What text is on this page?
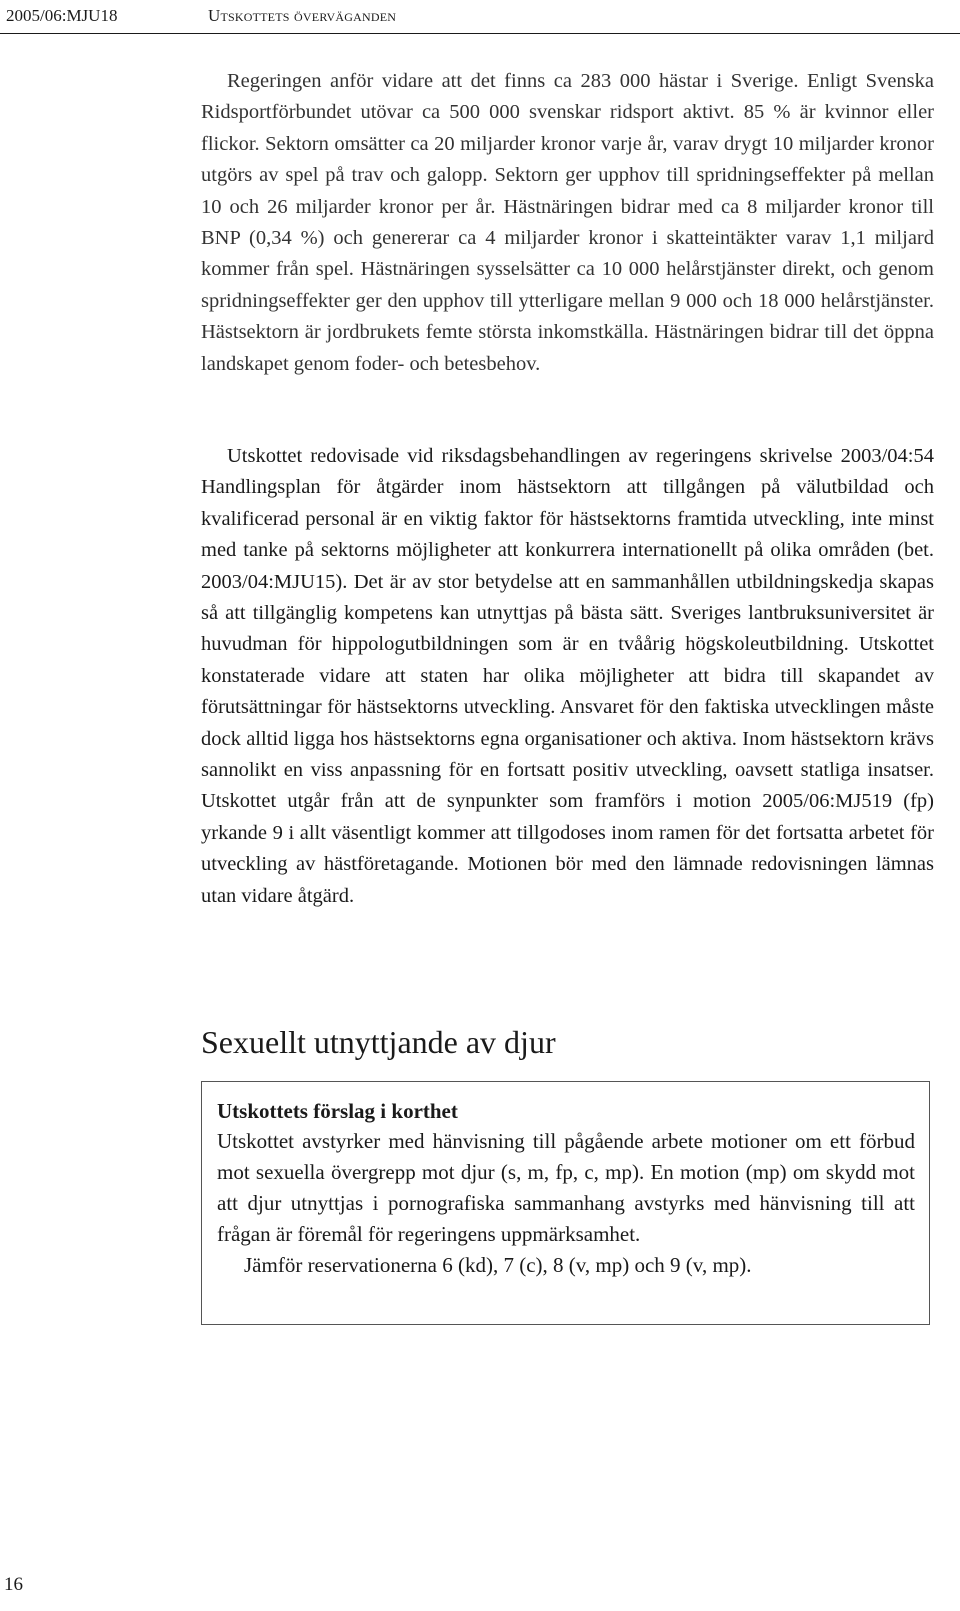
2005/06:MJU18	Utskottets överväganden

Regeringen anför vidare att det finns ca 283 000 hästar i Sverige. Enligt Svenska Ridsportförbundet utövar ca 500 000 svenskar ridsport aktivt. 85 % är kvinnor eller flickor. Sektorn omsätter ca 20 miljarder kronor varje år, varav drygt 10 miljarder kronor utgörs av spel på trav och galopp. Sektorn ger upphov till spridningseffekter på mellan 10 och 26 miljarder kronor per år. Hästnäringen bidrar med ca 8 miljarder kronor till BNP (0,34 %) och genererar ca 4 miljarder kronor i skatteintäkter varav 1,1 miljard kommer från spel. Hästnäringen sysselsätter ca 10 000 helårstjänster direkt, och genom spridningseffekter ger den upphov till ytterligare mellan 9 000 och 18 000 helårstjänster. Hästsektorn är jordbrukets femte största inkomstkälla. Hästnäringen bidrar till det öppna landskapet genom foder- och betesbehov.

Utskottet redovisade vid riksdagsbehandlingen av regeringens skrivelse 2003/04:54 Handlingsplan för åtgärder inom hästsektorn att tillgången på välutbildad och kvalificerad personal är en viktig faktor för hästsektorns framtida utveckling, inte minst med tanke på sektorns möjligheter att konkurrera internationellt på olika områden (bet. 2003/04:MJU15). Det är av stor betydelse att en sammanhållen utbildningskedja skapas så att tillgänglig kompetens kan utnyttjas på bästa sätt. Sveriges lantbruksuniversitet är huvudman för hippologutbildningen som är en tvåårig högskoleutbildning. Utskottet konstaterade vidare att staten har olika möjligheter att bidra till skapandet av förutsättningar för hästsektorns utveckling. Ansvaret för den faktiska utvecklingen måste dock alltid ligga hos hästsektorns egna organisationer och aktiva. Inom hästsektorn krävs sannolikt en viss anpassning för en fortsatt positiv utveckling, oavsett statliga insatser. Utskottet utgår från att de synpunkter som framförs i motion 2005/06:MJ519 (fp) yrkande 9 i allt väsentligt kommer att tillgodoses inom ramen för det fortsatta arbetet för utveckling av hästföretagande. Motionen bör med den lämnade redovisningen lämnas utan vidare åtgärd.

Sexuellt utnyttjande av djur

Utskottets förslag i korthet

Utskottet avstyrker med hänvisning till pågående arbete motioner om ett förbud mot sexuella övergrepp mot djur (s, m, fp, c, mp). En motion (mp) om skydd mot att djur utnyttjas i pornografiska sammanhang avstyrks med hänvisning till att frågan är föremål för regeringens uppmärksamhet.

Jämför reservationerna 6 (kd), 7 (c), 8 (v, mp) och 9 (v, mp).

16
